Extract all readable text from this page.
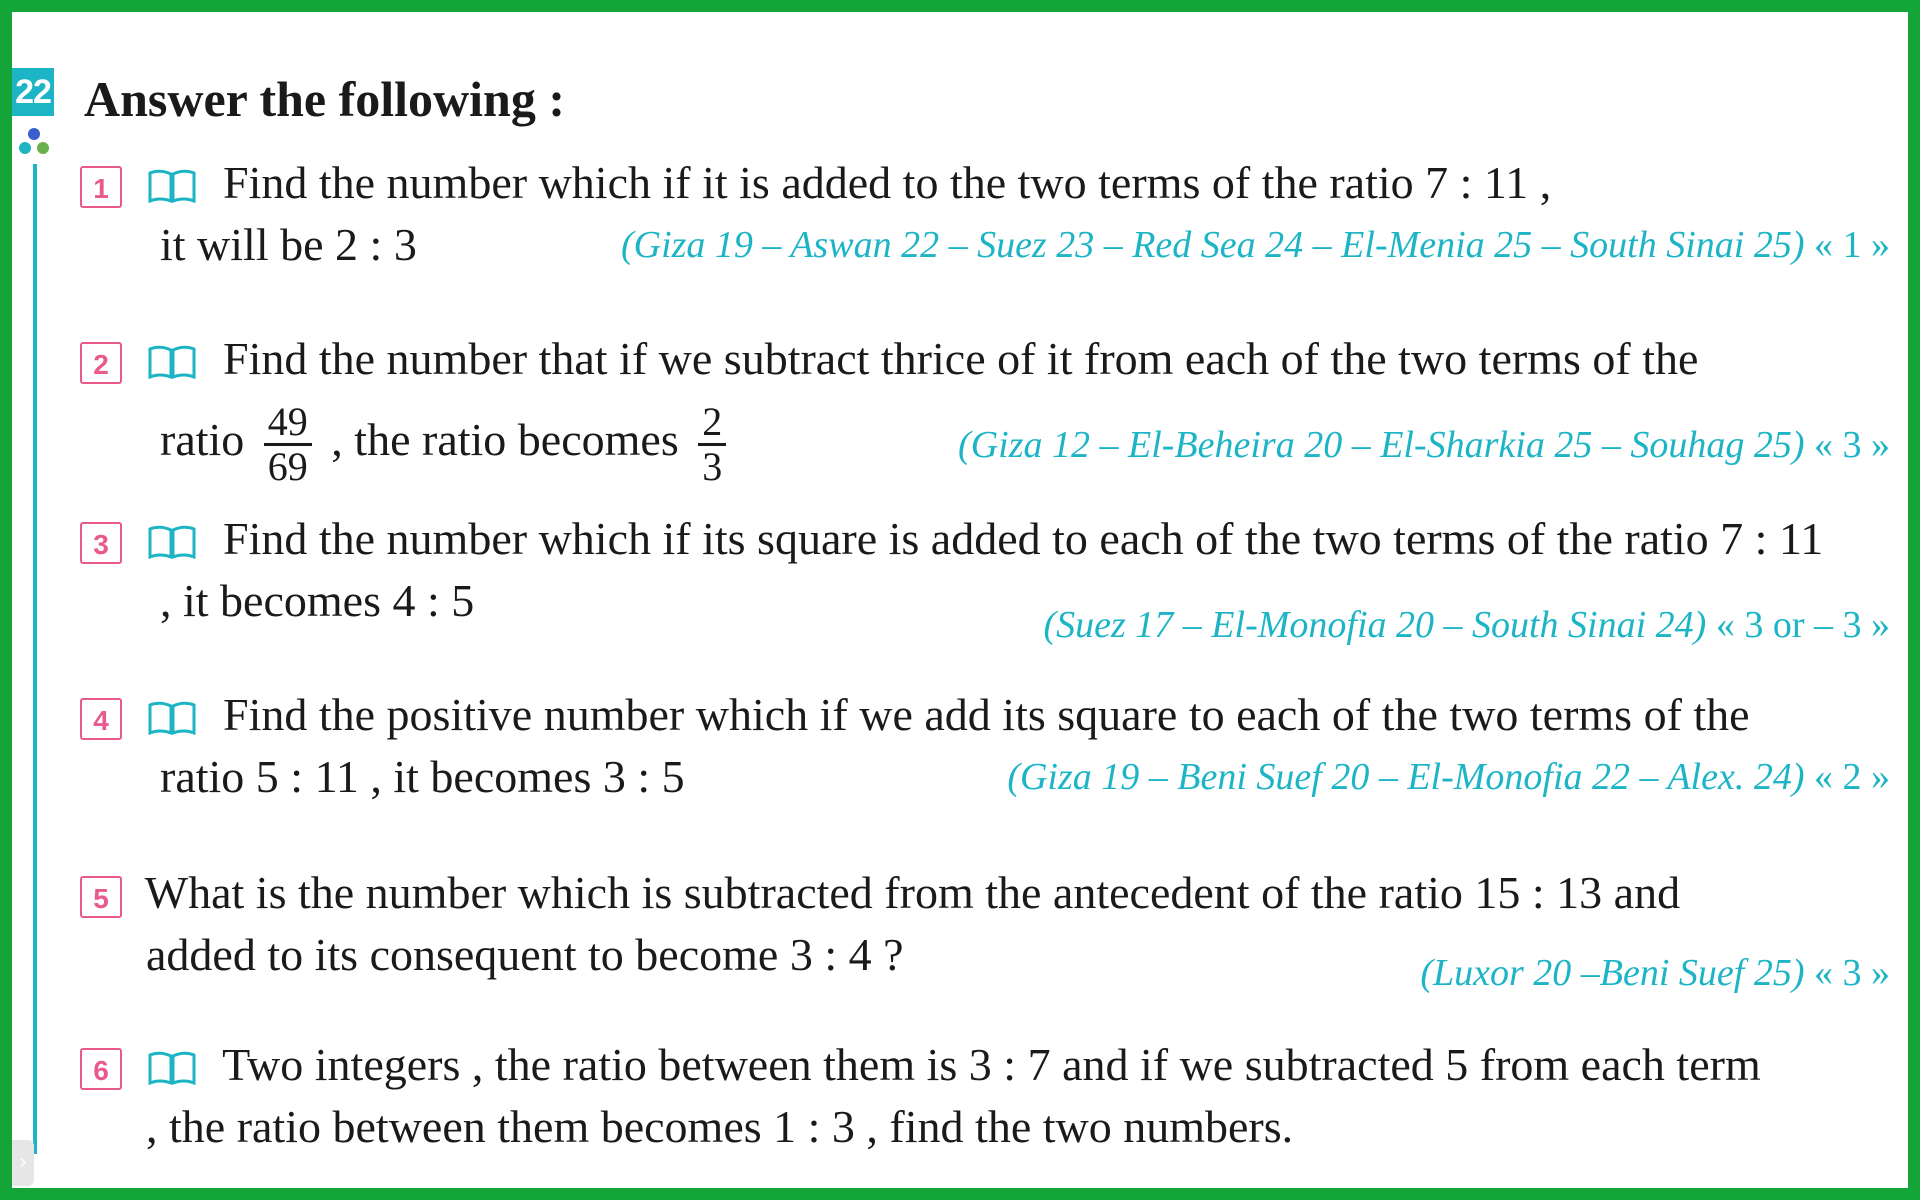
22 Answer the following :
1 Find the number which if it is added to the two terms of the ratio 7 : 11 ,
it will be 2 : 3	(Giza 19 – Aswan 22 – Suez 23 – Red Sea 24 – El-Menia 25 – South Sinai 25) « 1 »
2 Find the number that if we subtract thrice of it from each of the two terms of the
ratio $\frac{49}{69}$ , the ratio becomes $\frac{2}{3}$	(Giza 12 – El-Beheira 20 – El-Sharkia 25 – Souhag 25) « 3 »
3 Find the number which if its square is added to each of the two terms of the ratio 7 : 11
, it becomes 4 : 5	(Suez 17 – El-Monofia 20 – South Sinai 24) « 3 or – 3 »
4 Find the positive number which if we add its square to each of the two terms of the
ratio 5 : 11 , it becomes 3 : 5	(Giza 19 – Beni Suef 20 – El-Monofia 22 – Alex. 24) « 2 »
5 What is the number which is subtracted from the antecedent of the ratio 15 : 13 and
added to its consequent to become 3 : 4 ?	(Luxor 20 –Beni Suef 25) « 3 »
6 Two integers , the ratio between them is 3 : 7 and if we subtracted 5 from each term
, the ratio between them becomes 1 : 3 , find the two numbers.
›
